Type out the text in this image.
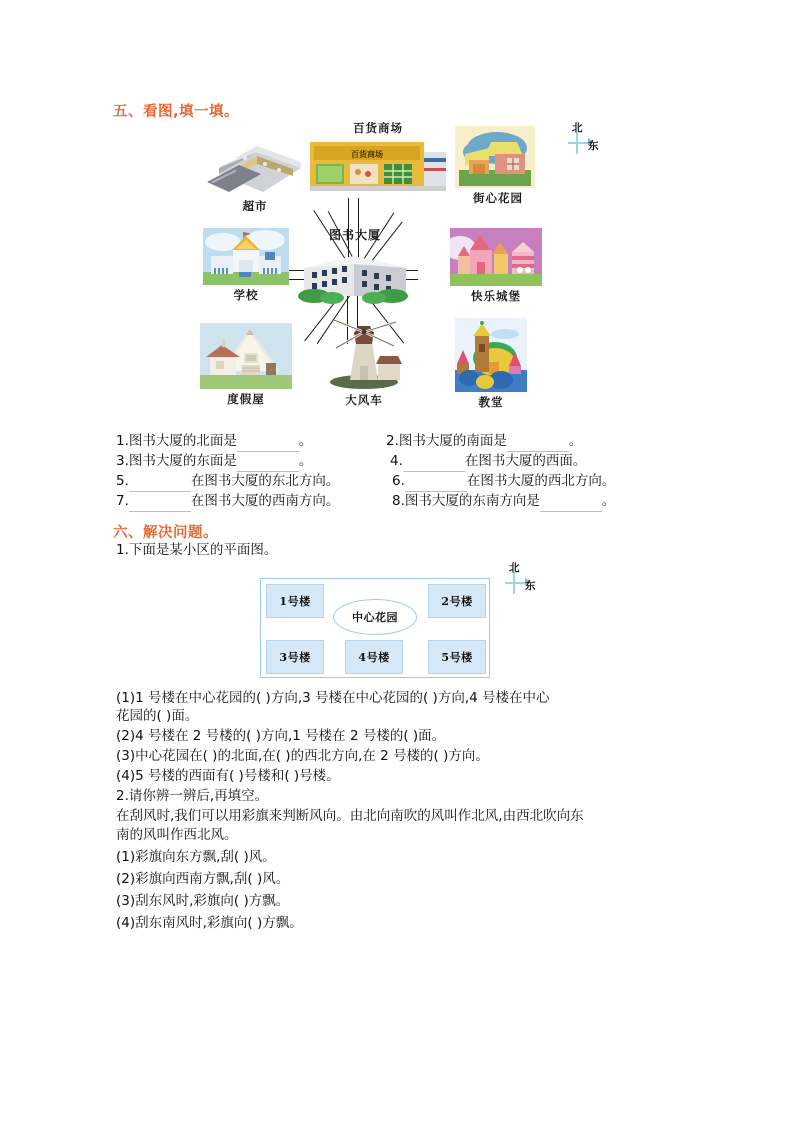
五、看图,填一填。
超市
百货商场
百货商场
街心花园
北
东
学校
图书大厦
快乐城堡
度假屋	大风车	教堂
1.图书大厦的北面是	。	2.图书大厦的南面是	。
3.图书大厦的东面是	。	4.	在图书大厦的西面。
5.	在图书大厦的东北方向。	6.	在图书大厦的西北方向。
7.	在图书大厦的西南方向。	8.图书大厦的东南方向是	。
六、解决问题。
1.下面是某小区的平面图。
北
东
1号楼	2号楼
3号楼	4号楼	5号楼
中心花园
(1)1 号楼在中心花园的( )方向,3 号楼在中心花园的( )方向,4 号楼在中心
花园的( )面。
(2)4 号楼在 2 号楼的( )方向,1 号楼在 2 号楼的( )面。
(3)中心花园在( )的北面,在( )的西北方向,在 2 号楼的( )方向。
(4)5 号楼的西面有( )号楼和( )号楼。
2.请你辨一辨后,再填空。
在刮风时,我们可以用彩旗来判断风向。由北向南吹的风叫作北风,由西北吹向东
南的风叫作西北风。
(1)彩旗向东方飘,刮( )风。
(2)彩旗向西南方飘,刮( )风。
(3)刮东风时,彩旗向( )方飘。
(4)刮东南风时,彩旗向( )方飘。
